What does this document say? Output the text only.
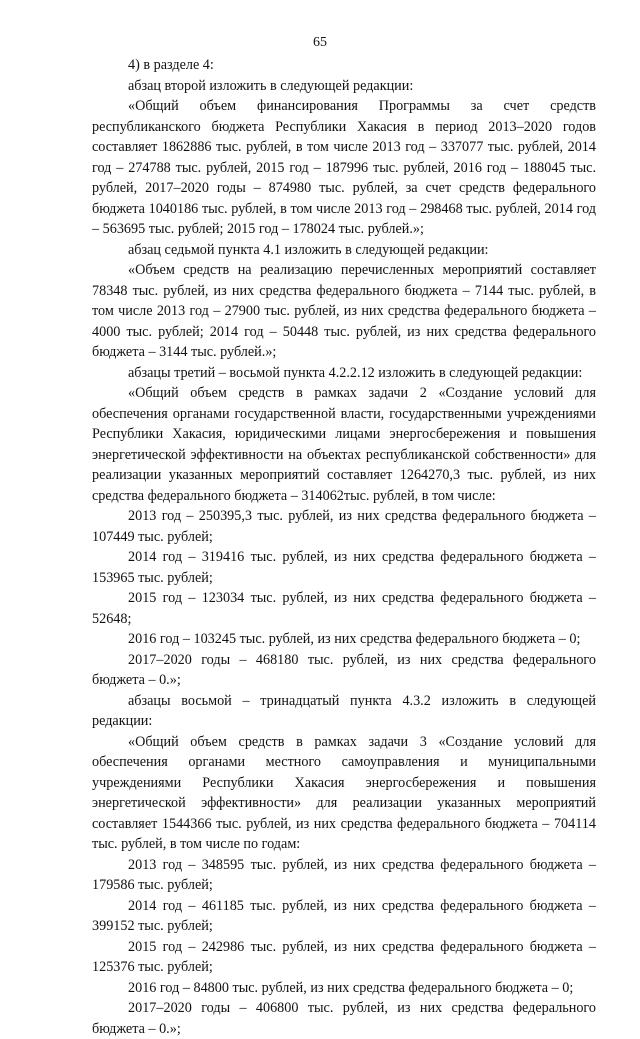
65

4) в разделе 4:

абзац второй изложить в следующей редакции:

«Общий объем финансирования Программы за счет средств республиканского бюджета Республики Хакасия в период 2013–2020 годов составляет 1862886 тыс. рублей, в том числе 2013 год – 337077 тыс. рублей, 2014 год – 274788 тыс. рублей, 2015 год – 187996 тыс. рублей, 2016 год – 188045 тыс. рублей, 2017–2020 годы – 874980 тыс. рублей, за счет средств федерального бюджета 1040186 тыс. рублей, в том числе 2013 год – 298468 тыс. рублей, 2014 год – 563695 тыс. рублей; 2015 год – 178024 тыс. рублей.»;

абзац седьмой пункта 4.1 изложить в следующей редакции:

«Объем средств на реализацию перечисленных мероприятий составляет 78348 тыс. рублей, из них средства федерального бюджета – 7144 тыс. рублей, в том числе 2013 год – 27900 тыс. рублей, из них средства федерального бюджета – 4000 тыс. рублей; 2014 год – 50448 тыс. рублей, из них средства федерального бюджета – 3144 тыс. рублей.»;

абзацы третий – восьмой пункта 4.2.2.12 изложить в следующей редакции:

«Общий объем средств в рамках задачи 2 «Создание условий для обеспечения органами государственной власти, государственными учреждениями Республики Хакасия, юридическими лицами энергосбережения и повышения энергетической эффективности на объектах республиканской собственности» для реализации указанных мероприятий составляет 1264270,3 тыс. рублей, из них средства федерального бюджета – 314062тыс. рублей, в том числе:

2013 год – 250395,3 тыс. рублей, из них средства федерального бюджета – 107449 тыс. рублей;

2014 год – 319416 тыс. рублей, из них средства федерального бюджета – 153965 тыс. рублей;

2015 год – 123034 тыс. рублей, из них средства федерального бюджета – 52648;

2016 год – 103245 тыс. рублей, из них средства федерального бюджета – 0;

2017–2020 годы – 468180 тыс. рублей, из них средства федерального бюджета – 0.»;

абзацы восьмой – тринадцатый пункта 4.3.2 изложить в следующей редакции:

«Общий объем средств в рамках задачи 3 «Создание условий для обеспечения органами местного самоуправления и муниципальными учреждениями Республики Хакасия энергосбережения и повышения энергетической эффективности» для реализации указанных мероприятий составляет 1544366 тыс. рублей, из них средства федерального бюджета – 704114 тыс. рублей, в том числе по годам:

2013 год – 348595 тыс. рублей, из них средства федерального бюджета – 179586 тыс. рублей;

2014 год – 461185 тыс. рублей, из них средства федерального бюджета – 399152 тыс. рублей;

2015 год – 242986 тыс. рублей, из них средства федерального бюджета – 125376 тыс. рублей;

2016 год – 84800 тыс. рублей, из них средства федерального бюджета – 0;

2017–2020 годы – 406800 тыс. рублей, из них средства федерального бюджета – 0.»;
